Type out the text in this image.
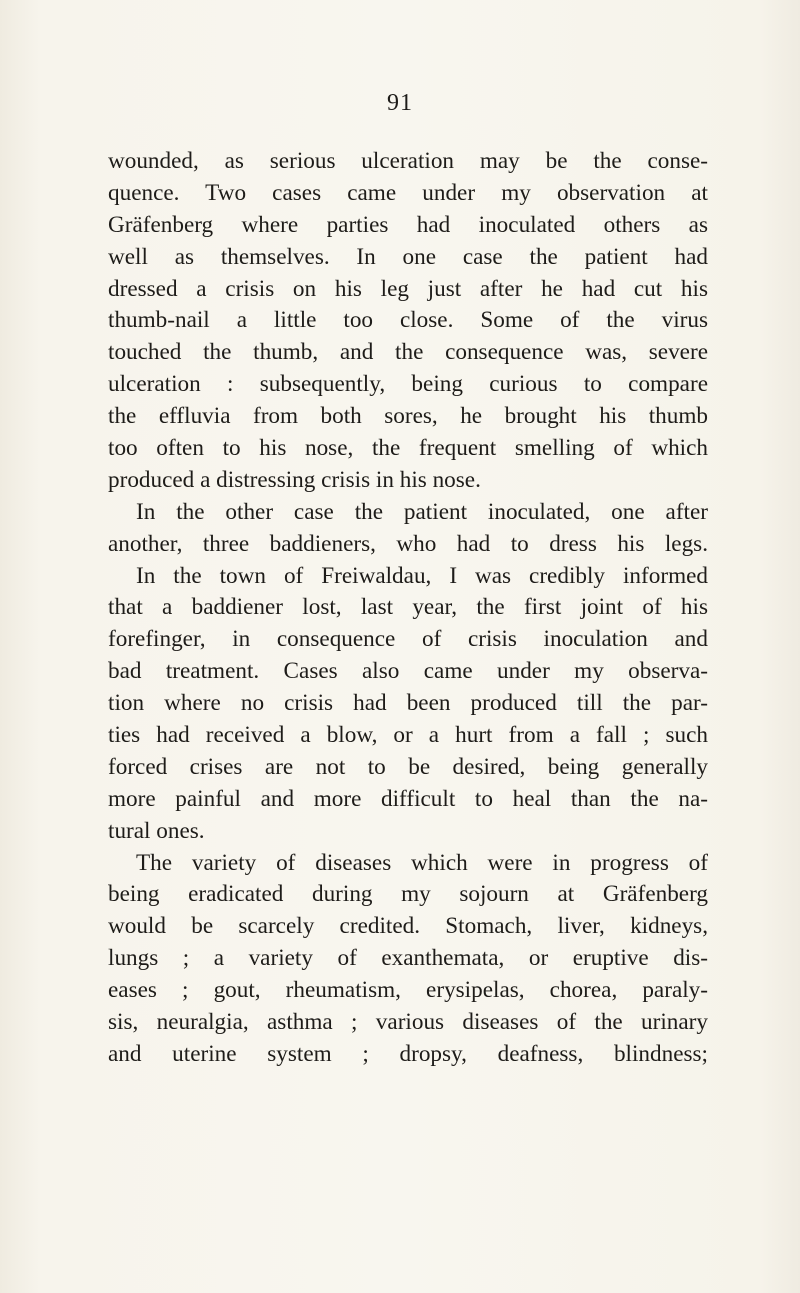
91
wounded, as serious ulceration may be the conse-
quence. Two cases came under my observation at
Gräfenberg where parties had inoculated others as
well as themselves. In one case the patient had
dressed a crisis on his leg just after he had cut his
thumb-nail a little too close. Some of the virus
touched the thumb, and the consequence was, severe
ulceration : subsequently, being curious to compare
the effluvia from both sores, he brought his thumb
too often to his nose, the frequent smelling of which
produced a distressing crisis in his nose.
In the other case the patient inoculated, one after
another, three baddieners, who had to dress his legs.
In the town of Freiwaldau, I was credibly informed
that a baddiener lost, last year, the first joint of his
forefinger, in consequence of crisis inoculation and
bad treatment. Cases also came under my observa-
tion where no crisis had been produced till the par-
ties had received a blow, or a hurt from a fall ; such
forced crises are not to be desired, being generally
more painful and more difficult to heal than the na-
tural ones.
The variety of diseases which were in progress of
being eradicated during my sojourn at Gräfenberg
would be scarcely credited. Stomach, liver, kidneys,
lungs ; a variety of exanthemata, or eruptive dis-
eases ; gout, rheumatism, erysipelas, chorea, paraly-
sis, neuralgia, asthma ; various diseases of the urinary
and uterine system ; dropsy, deafness, blindness;
